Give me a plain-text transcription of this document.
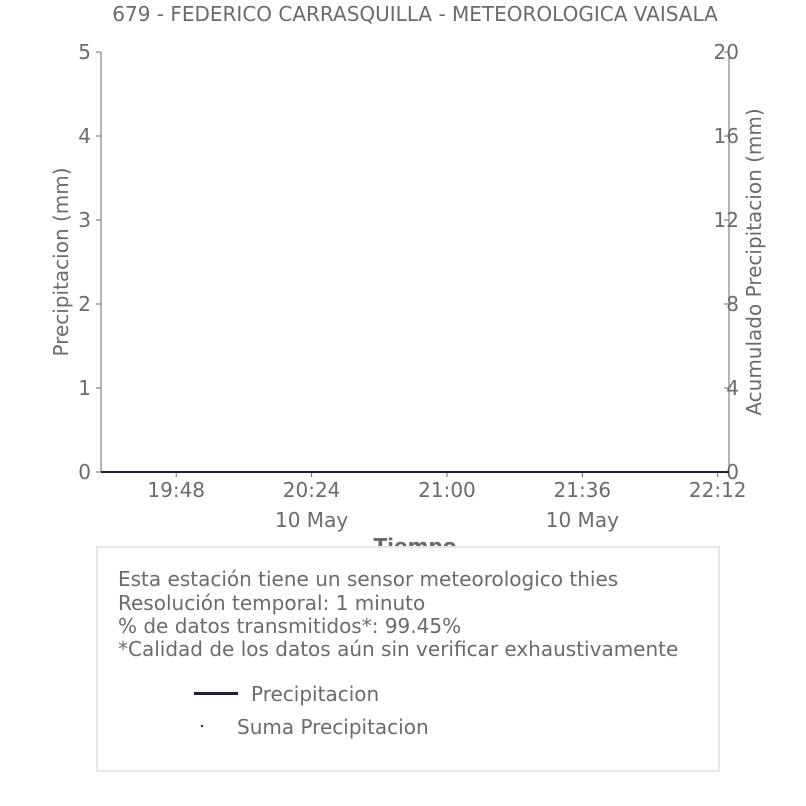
679 - FEDERICO CARRASQUILLA - METEOROLOGICA VAISALA
0
1
2
3
4
5
0
4
8
12
16
20
19:48	20:24
10 May
21:00	21:36
10 May
22:12
Precipitacion (mm)	Acumulado Precipitacion (mm)
Esta estación tiene un sensor meteorologico thies
Resolución temporal: 1 minuto
% de datos transmitidos*: 99.45%
*Calidad de los datos aún sin verificar exhaustivamente
Precipitacion
Suma Precipitacion
